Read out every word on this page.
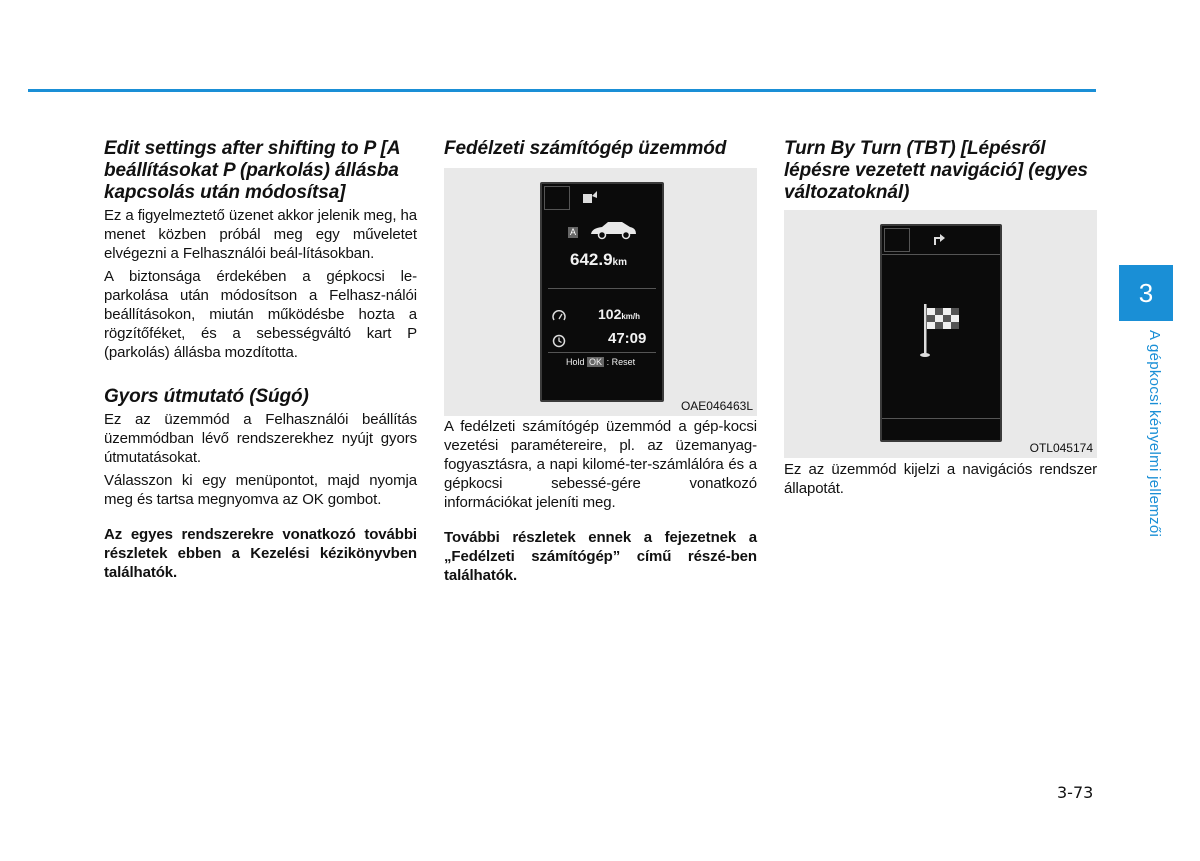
Edit settings after shifting to P [A beállításokat P (parkolás) állásba kapcsolás után módosítsa]

Ez a figyelmeztető üzenet akkor jelenik meg, ha menet közben próbál meg egy műveletet elvégezni a Felhasználói beál-lításokban.

A biztonsága érdekében a gépkocsi le-parkolása után módosítson a Felhasz-nálói beállításokon, miután működésbe hozta a rögzítőféket, és a sebességváltó kart P (parkolás) állásba mozdította.

Gyors útmutató (Súgó)

Ez az üzemmód a Felhasználói beállítás üzemmódban lévő rendszerekhez nyújt gyors útmutatásokat.

Válasszon ki egy menüpontot, majd nyomja meg és tartsa megnyomva az OK gombot.

Az egyes rendszerekre vonatkozó további részletek ebben a Kezelési kézikönyvben találhatók.

Fedélzeti számítógép üzemmód
A
642.9km
102km/h
47:09
Hold OK : Reset
OAE046463L

A fedélzeti számítógép üzemmód a gép-kocsi vezetési paramétereire, pl. az üzemanyag-fogyasztásra, a napi kilomé-ter-számlálóra és a gépkocsi sebessé-gére vonatkozó információkat jeleníti meg.

További részletek ennek a fejezetnek a „Fedélzeti számítógép” című részé-ben találhatók.

Turn By Turn (TBT) [Lépésről lépésre vezetett navigáció] (egyes változatoknál)
OTL045174

Ez az üzemmód kijelzi a navigációs rendszer állapotát.

3
A gépkocsi kényelmi jellemzői
3-73
